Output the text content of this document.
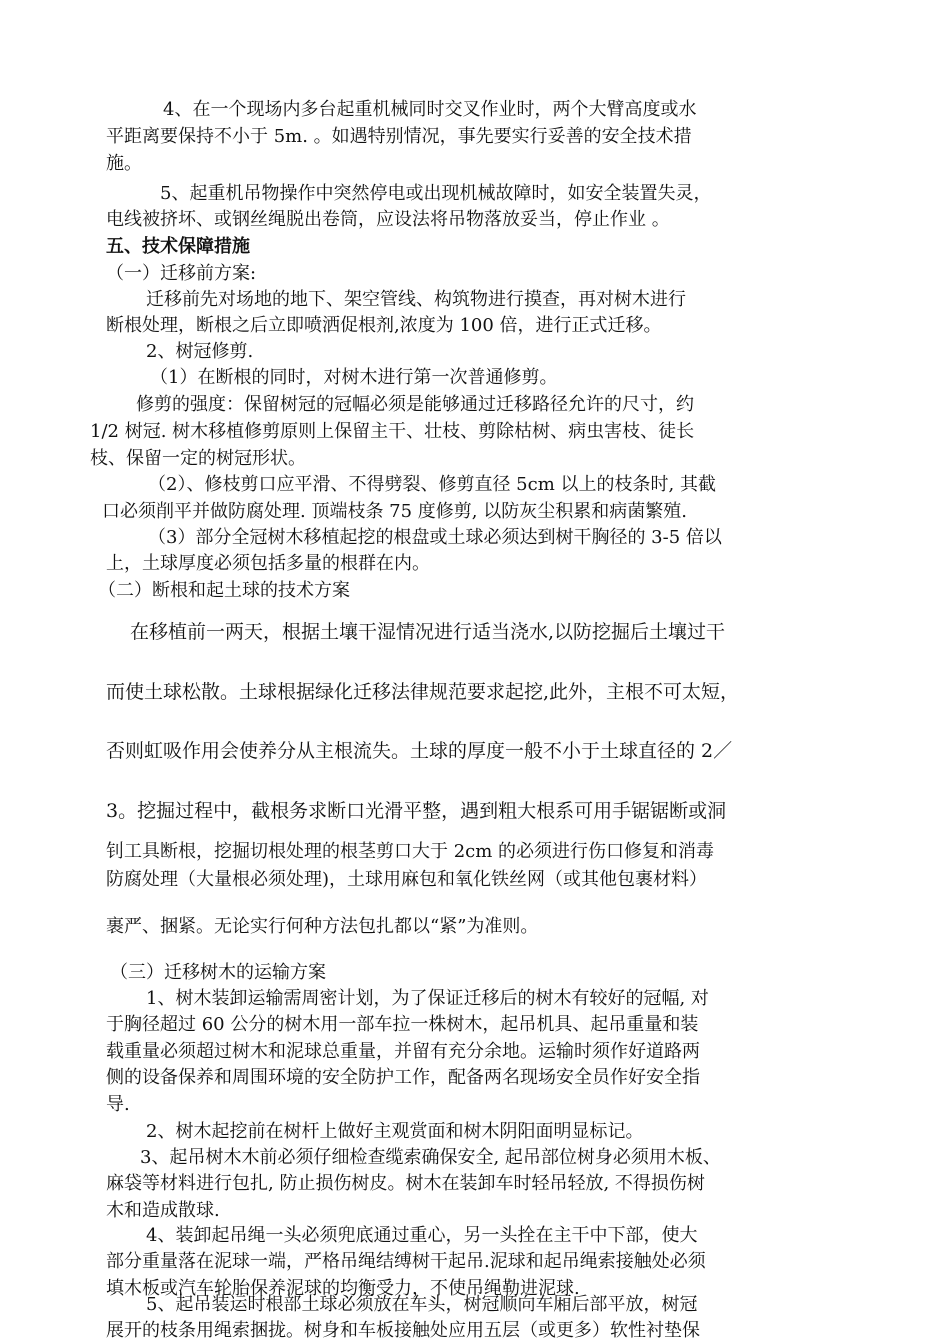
4、在一个现场内多台起重机械同时交叉作业时，两个大臂高度或水
平距离要保持不小于 5m. 。如遇特别情况，事先要实行妥善的安全技术措
施。
5、起重机吊物操作中突然停电或出现机械故障时，如安全装置失灵，
电线被挤坏、或钢丝绳脱出卷筒，应设法将吊物落放妥当，停止作业 。
五、技术保障措施
（一）迁移前方案:
迁移前先对场地的地下、架空管线、构筑物进行摸查，再对树木进行
断根处理，断根之后立即喷洒促根剂,浓度为 100 倍，进行正式迁移。
2、树冠修剪.
（1）在断根的同时，对树木进行第一次普通修剪。
修剪的强度：保留树冠的冠幅必须是能够通过迁移路径允许的尺寸，约
1/2 树冠. 树木移植修剪原则上保留主干、壮枝、剪除枯树、病虫害枝、徒长
枝、保留一定的树冠形状。
（2）、修枝剪口应平滑、不得劈裂、修剪直径 5cm 以上的枝条时, 其截
口必须削平并做防腐处理. 顶端枝条 75 度修剪, 以防灰尘积累和病菌繁殖.
（3）部分全冠树木移植起挖的根盘或土球必须达到树干胸径的 3-5 倍以
上，土球厚度必须包括多量的根群在内。
（二）断根和起土球的技术方案
在移植前一两天，根据土壤干湿情况进行适当浇水,以防挖掘后土壤过干
而使土球松散。土球根据绿化迁移法律规范要求起挖,此外，主根不可太短，
否则虹吸作用会使养分从主根流失。土球的厚度一般不小于土球直径的 2／
3。挖掘过程中，截根务求断口光滑平整，遇到粗大根系可用手锯锯断或洞
钊工具断根，挖掘切根处理的根茎剪口大于 2cm 的必须进行伤口修复和消毒
防腐处理（大量根必须处理)，土球用麻包和氧化铁丝网（或其他包裹材料）
裹严、捆紧。无论实行何种方法包扎都以“紧”为准则。
（三）迁移树木的运输方案
1、树木装卸运输需周密计划，为了保证迁移后的树木有较好的冠幅, 对
于胸径超过 60 公分的树木用一部车拉一株树木，起吊机具、起吊重量和装
载重量必须超过树木和泥球总重量，并留有充分余地。运输时须作好道路两
侧的设备保养和周围环境的安全防护工作，配备两名现场安全员作好安全指
导.
2、树木起挖前在树杆上做好主观赏面和树木阴阳面明显标记。
3、起吊树木木前必须仔细检查缆索确保安全, 起吊部位树身必须用木板、
麻袋等材料进行包扎, 防止损伤树皮。树木在装卸车时轻吊轻放, 不得损伤树
木和造成散球.
4、装卸起吊绳一头必须兜底通过重心，另一头拴在主干中下部，使大
部分重量落在泥球一端，严格吊绳结缚树干起吊.泥球和起吊绳索接触处必须
填木板或汽车轮胎保养泥球的均衡受力，不使吊绳勒进泥球.
5、起吊装运时根部土球必须放在车头，树冠顺向车厢后部平放，树冠
展开的枝条用绳索捆拢。树身和车板接触处应用五层（或更多）软性衬垫保
